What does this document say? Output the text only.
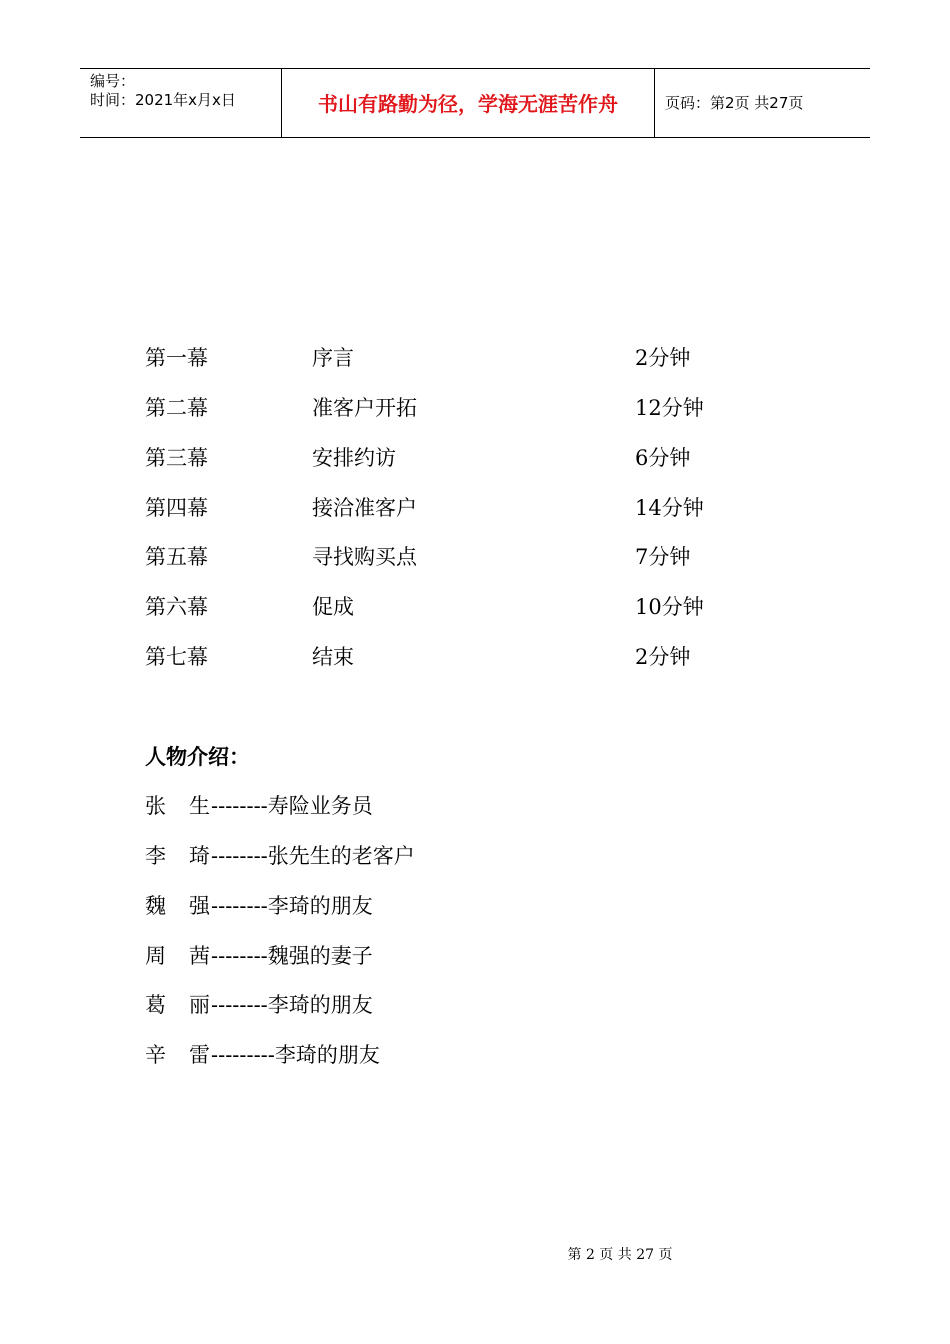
编号：
时间：2021年x月x日	书山有路勤为径，学海无涯苦作舟	页码：第2页 共27页
第一幕	序言	2分钟
第二幕	准客户开拓	12分钟
第三幕	安排约访	6分钟
第四幕	接洽准客户	14分钟
第五幕	寻找购买点	7分钟
第六幕	促成	10分钟
第七幕	结束	2分钟
人物介绍：
张 生 --------寿险业务员
李 琦 --------张先生的老客户
魏 强 --------李琦的朋友
周 茜 --------魏强的妻子
葛 丽 --------李琦的朋友
辛 雷 ---------李琦的朋友
第 2 页 共 27 页
